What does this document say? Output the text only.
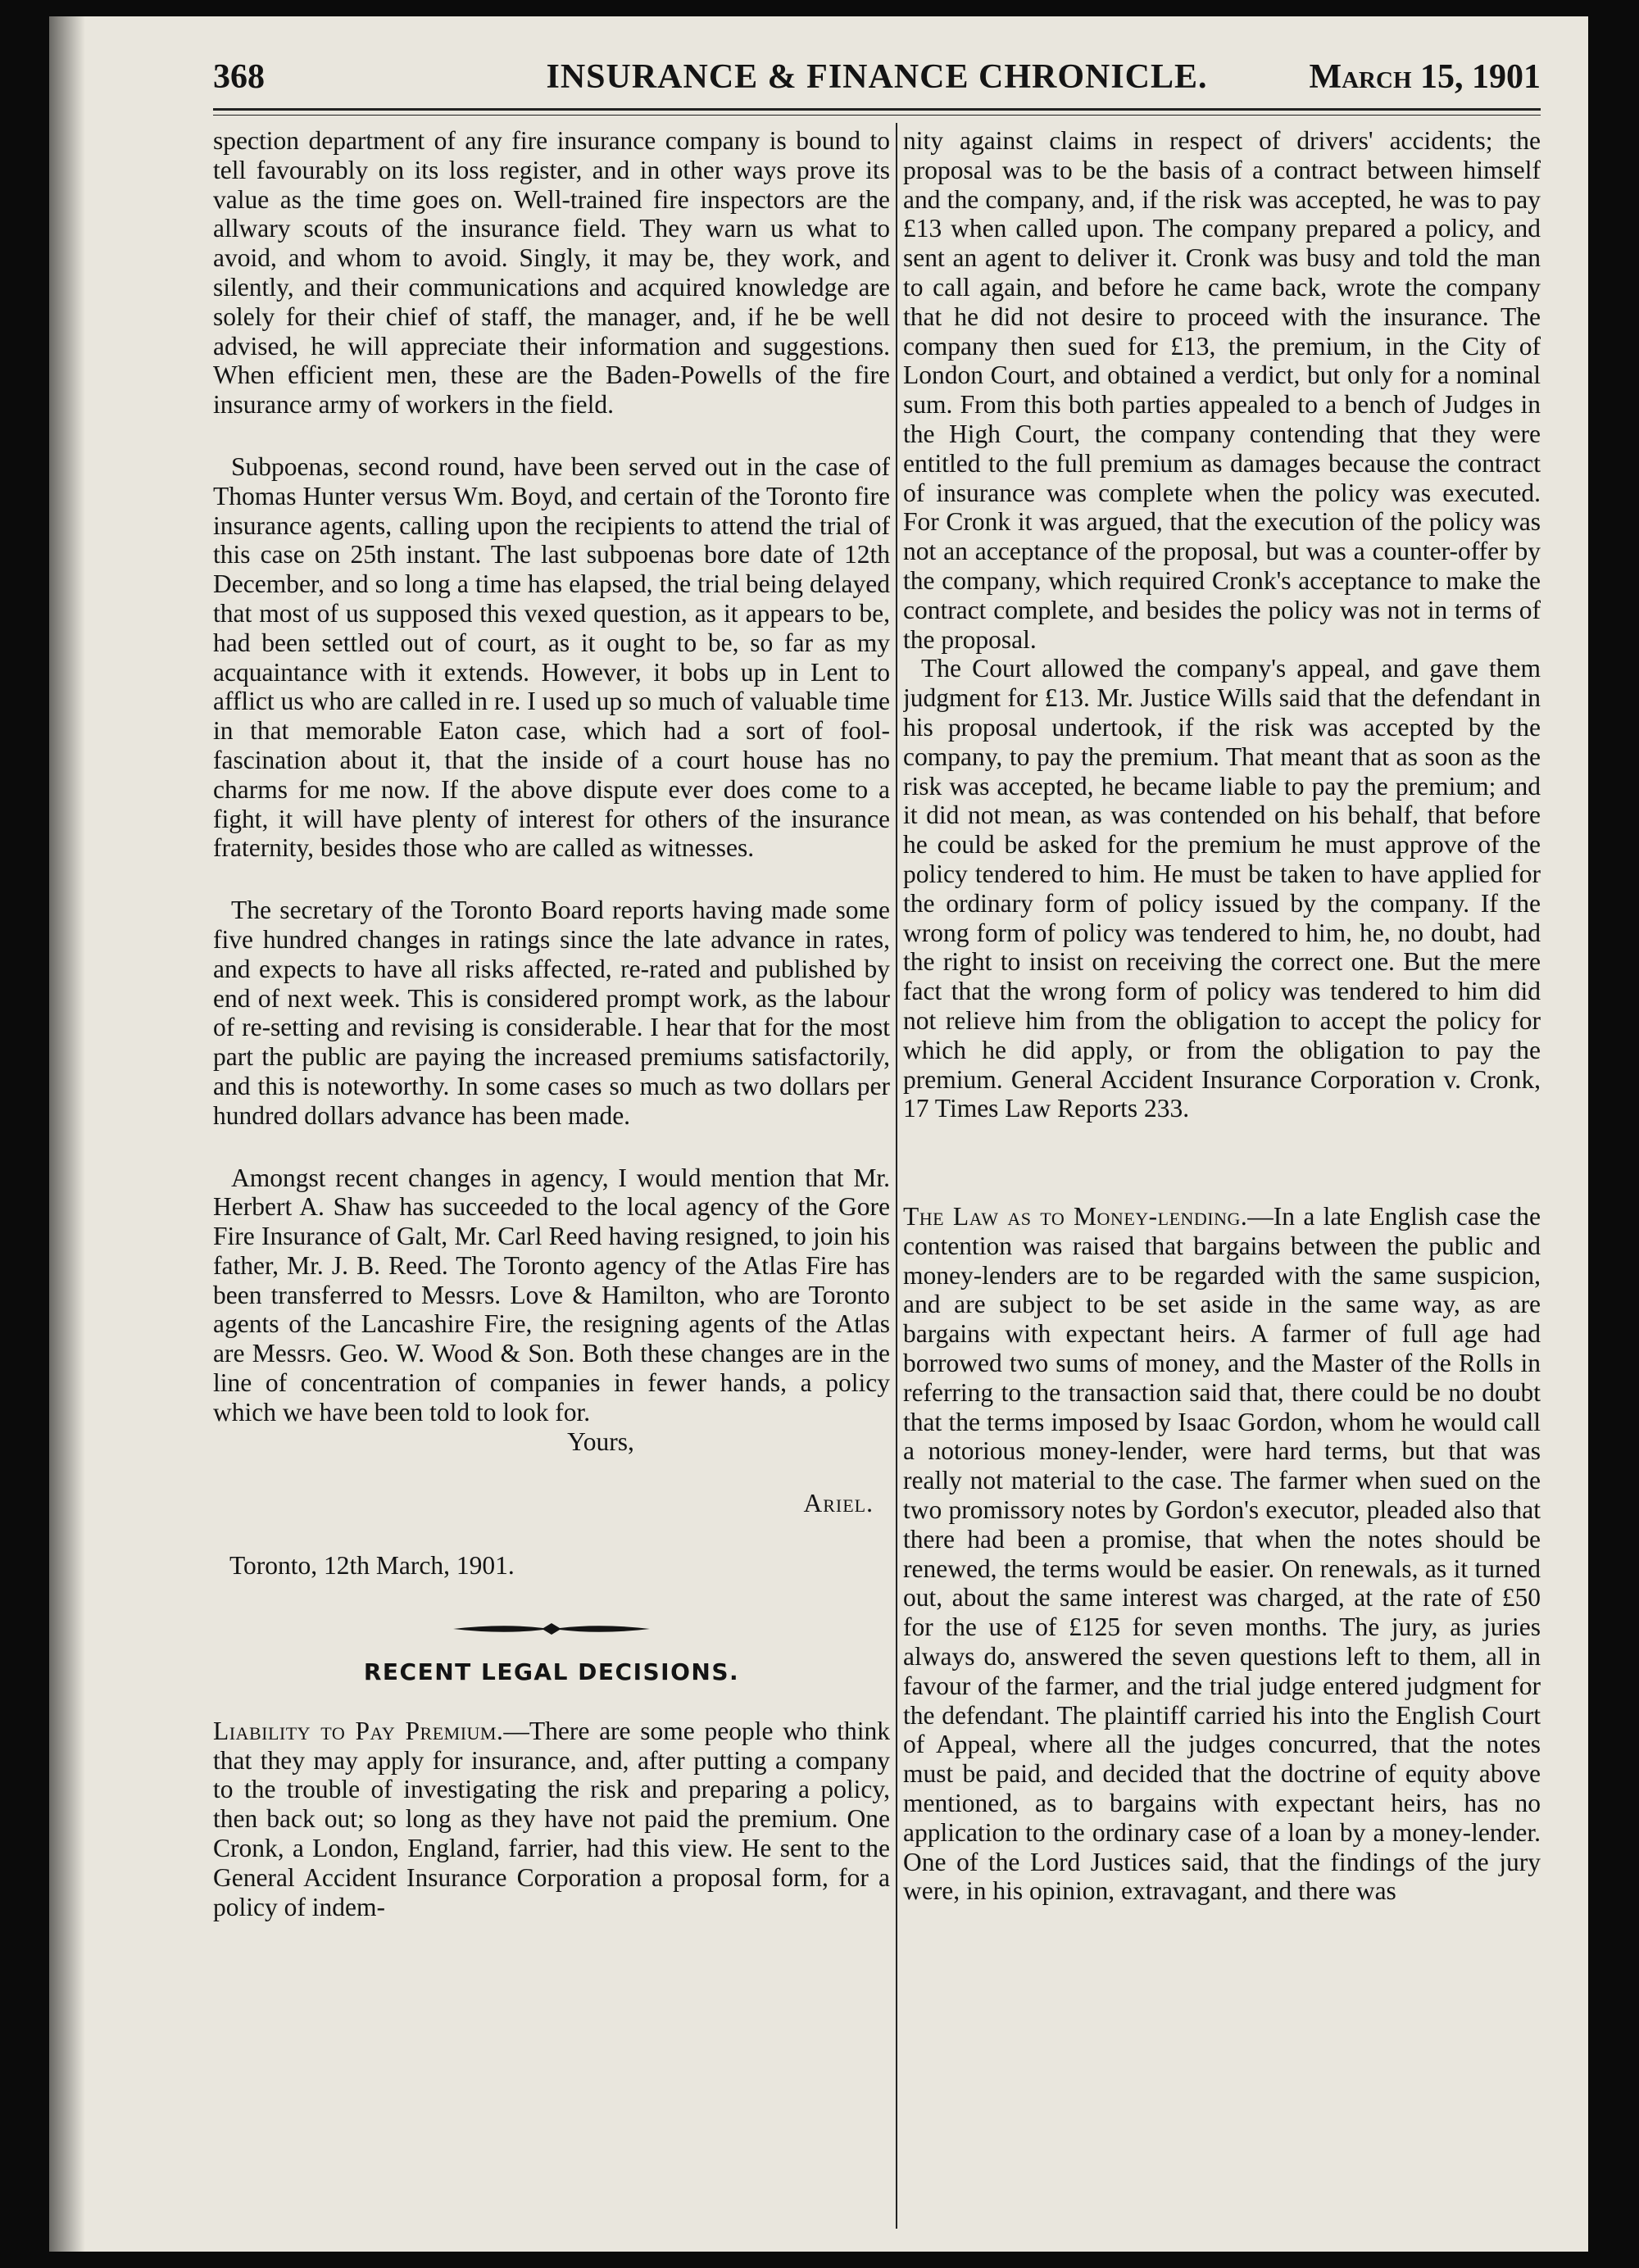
368	INSURANCE & FINANCE CHRONICLE.	March 15, 1901

spection department of any fire insurance company is bound to tell favourably on its loss register, and in other ways prove its value as the time goes on. Well-trained fire inspectors are the allwary scouts of the insurance field. They warn us what to avoid, and whom to avoid. Singly, it may be, they work, and silently, and their communications and acquired knowledge are solely for their chief of staff, the manager, and, if he be well advised, he will appreciate their information and suggestions. When efficient men, these are the Baden-Powells of the fire insurance army of workers in the field.

Subpoenas, second round, have been served out in the case of Thomas Hunter versus Wm. Boyd, and certain of the Toronto fire insurance agents, calling upon the recipients to attend the trial of this case on 25th instant. The last subpoenas bore date of 12th December, and so long a time has elapsed, the trial being delayed that most of us supposed this vexed question, as it appears to be, had been settled out of court, as it ought to be, so far as my acquaintance with it extends. However, it bobs up in Lent to afflict us who are called in re. I used up so much of valuable time in that memorable Eaton case, which had a sort of fool-fascination about it, that the inside of a court house has no charms for me now. If the above dispute ever does come to a fight, it will have plenty of interest for others of the insurance fraternity, besides those who are called as witnesses.

The secretary of the Toronto Board reports having made some five hundred changes in ratings since the late advance in rates, and expects to have all risks affected, re-rated and published by end of next week. This is considered prompt work, as the labour of re-setting and revising is considerable. I hear that for the most part the public are paying the increased premiums satisfactorily, and this is noteworthy. In some cases so much as two dollars per hundred dollars advance has been made.

Amongst recent changes in agency, I would mention that Mr. Herbert A. Shaw has succeeded to the local agency of the Gore Fire Insurance of Galt, Mr. Carl Reed having resigned, to join his father, Mr. J. B. Reed. The Toronto agency of the Atlas Fire has been transferred to Messrs. Love & Hamilton, who are Toronto agents of the Lancashire Fire, the resigning agents of the Atlas are Messrs. Geo. W. Wood & Son. Both these changes are in the line of concentration of companies in fewer hands, a policy which we have been told to look for.

Yours,

Ariel.

Toronto, 12th March, 1901.

RECENT LEGAL DECISIONS.

Liability to Pay Premium.—There are some people who think that they may apply for insurance, and, after putting a company to the trouble of investigating the risk and preparing a policy, then back out; so long as they have not paid the premium. One Cronk, a London, England, farrier, had this view. He sent to the General Accident Insurance Corporation a proposal form, for a policy of indem-

nity against claims in respect of drivers' accidents; the proposal was to be the basis of a contract between himself and the company, and, if the risk was accepted, he was to pay £13 when called upon. The company prepared a policy, and sent an agent to deliver it. Cronk was busy and told the man to call again, and before he came back, wrote the company that he did not desire to proceed with the insurance. The company then sued for £13, the premium, in the City of London Court, and obtained a verdict, but only for a nominal sum. From this both parties appealed to a bench of Judges in the High Court, the company contending that they were entitled to the full premium as damages because the contract of insurance was complete when the policy was executed. For Cronk it was argued, that the execution of the policy was not an acceptance of the proposal, but was a counter-offer by the company, which required Cronk's acceptance to make the contract complete, and besides the policy was not in terms of the proposal.

The Court allowed the company's appeal, and gave them judgment for £13. Mr. Justice Wills said that the defendant in his proposal undertook, if the risk was accepted by the company, to pay the premium. That meant that as soon as the risk was accepted, he became liable to pay the premium; and it did not mean, as was contended on his behalf, that before he could be asked for the premium he must approve of the policy tendered to him. He must be taken to have applied for the ordinary form of policy issued by the company. If the wrong form of policy was tendered to him, he, no doubt, had the right to insist on receiving the correct one. But the mere fact that the wrong form of policy was tendered to him did not relieve him from the obligation to accept the policy for which he did apply, or from the obligation to pay the premium. General Accident Insurance Corporation v. Cronk, 17 Times Law Reports 233.

The Law as to Money-lending.—In a late English case the contention was raised that bargains between the public and money-lenders are to be regarded with the same suspicion, and are subject to be set aside in the same way, as are bargains with expectant heirs. A farmer of full age had borrowed two sums of money, and the Master of the Rolls in referring to the transaction said that, there could be no doubt that the terms imposed by Isaac Gordon, whom he would call a notorious money-lender, were hard terms, but that was really not material to the case. The farmer when sued on the two promissory notes by Gordon's executor, pleaded also that there had been a promise, that when the notes should be renewed, the terms would be easier. On renewals, as it turned out, about the same interest was charged, at the rate of £50 for the use of £125 for seven months. The jury, as juries always do, answered the seven questions left to them, all in favour of the farmer, and the trial judge entered judgment for the defendant. The plaintiff carried his into the English Court of Appeal, where all the judges concurred, that the notes must be paid, and decided that the doctrine of equity above mentioned, as to bargains with expectant heirs, has no application to the ordinary case of a loan by a money-lender. One of the Lord Justices said, that the findings of the jury were, in his opinion, extravagant, and there was
